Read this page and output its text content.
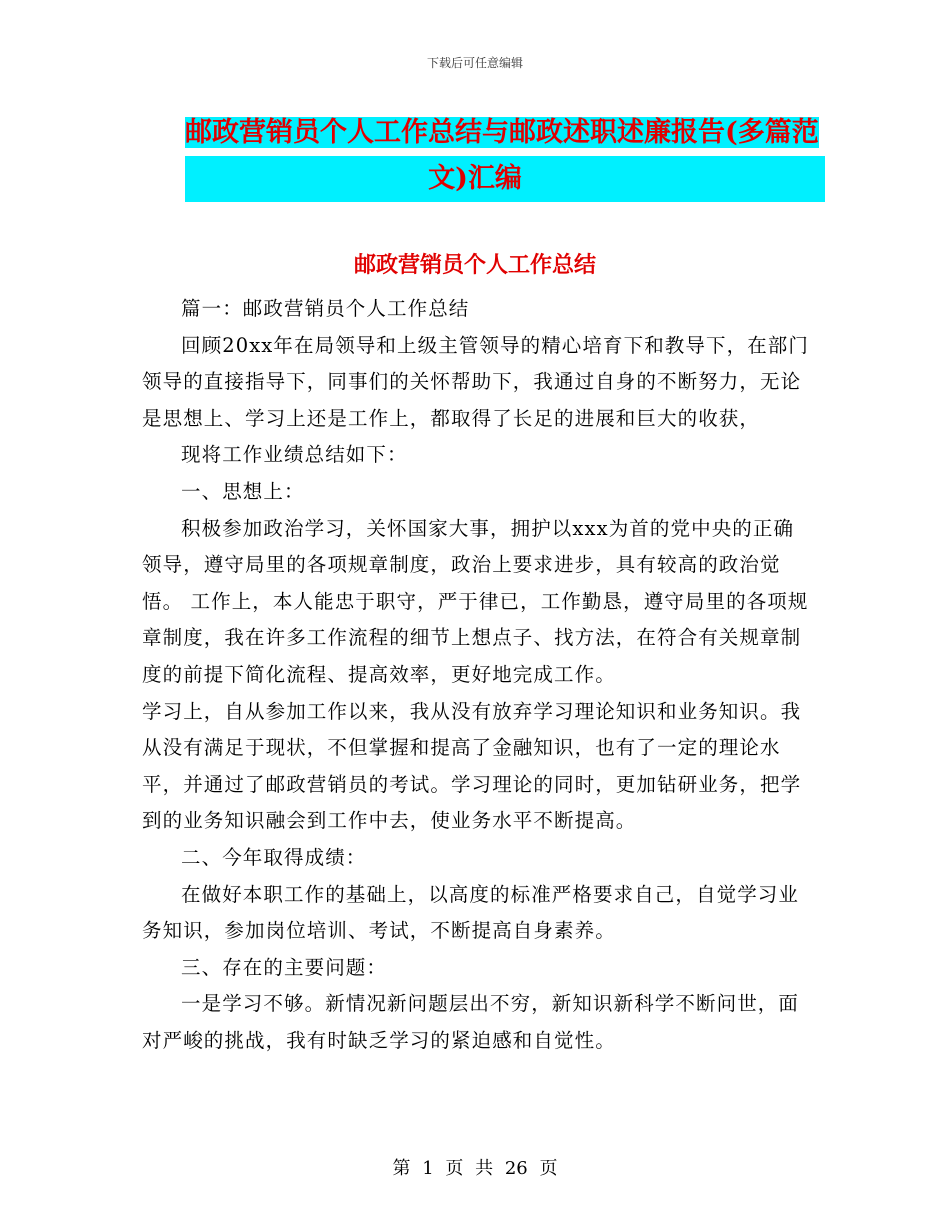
下载后可任意编辑
邮政营销员个人工作总结与邮政述职述廉报告(多篇范
文)汇编
邮政营销员个人工作总结

篇一：邮政营销员个人工作总结

回顾20xx年在局领导和上级主管领导的精心培育下和教导下，在部门领导的直接指导下，同事们的关怀帮助下，我通过自身的不断努力，无论是思想上、学习上还是工作上，都取得了长足的进展和巨大的收获，

现将工作业绩总结如下：

一、思想上：

积极参加政治学习，关怀国家大事，拥护以xxx为首的党中央的正确领导，遵守局里的各项规章制度，政治上要求进步，具有较高的政治觉悟。 工作上，本人能忠于职守，严于律已，工作勤恳，遵守局里的各项规章制度，我在许多工作流程的细节上想点子、找方法，在符合有关规章制度的前提下简化流程、提高效率，更好地完成工作。

学习上，自从参加工作以来，我从没有放弃学习理论知识和业务知识。我从没有满足于现状，不但掌握和提高了金融知识，也有了一定的理论水平，并通过了邮政营销员的考试。学习理论的同时，更加钻研业务，把学到的业务知识融会到工作中去，使业务水平不断提高。

二、今年取得成绩：

在做好本职工作的基础上，以高度的标准严格要求自己，自觉学习业务知识，参加岗位培训、考试，不断提高自身素养。

三、存在的主要问题：

一是学习不够。新情况新问题层出不穷，新知识新科学不断问世，面对严峻的挑战，我有时缺乏学习的紧迫感和自觉性。

第 1 页 共 26 页
